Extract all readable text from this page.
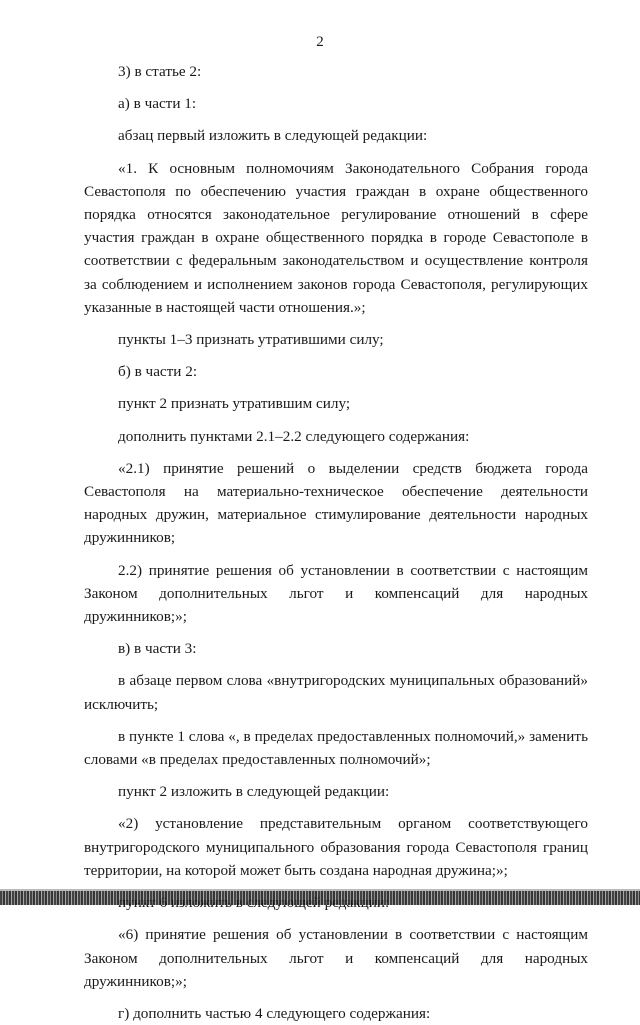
2

3) в статье 2:

а) в части 1:

абзац первый изложить в следующей редакции:

«1. К основным полномочиям Законодательного Собрания города Севастополя по обеспечению участия граждан в охране общественного порядка относятся законодательное регулирование отношений в сфере участия граждан в охране общественного порядка в городе Севастополе в соответствии с федеральным законодательством и осуществление контроля за соблюдением и исполнением законов города Севастополя, регулирующих указанные в настоящей части отношения.»;

пункты 1–3 признать утратившими силу;

б) в части 2:

пункт 2 признать утратившим силу;

дополнить пунктами 2.1–2.2 следующего содержания:

«2.1) принятие решений о выделении средств бюджета города Севастополя на материально-техническое обеспечение деятельности народных дружин, материальное стимулирование деятельности народных дружинников;

2.2) принятие решения об установлении в соответствии с настоящим Законом дополнительных льгот и компенсаций для народных дружинников;»;

в) в части 3:

в абзаце первом слова «внутригородских муниципальных образований» исключить;

в пункте 1 слова «, в пределах предоставленных полномочий,» заменить словами «в пределах предоставленных полномочий»;

пункт 2 изложить в следующей редакции:

«2) установление представительным органом соответствующего внутригородского муниципального образования города Севастополя границ территории, на которой может быть создана народная дружина;»;

«6) принятие решения об установлении в соответствии с настоящим Законом дополнительных льгот и компенсаций для народных дружинников;»;

г) дополнить частью 4 следующего содержания:
